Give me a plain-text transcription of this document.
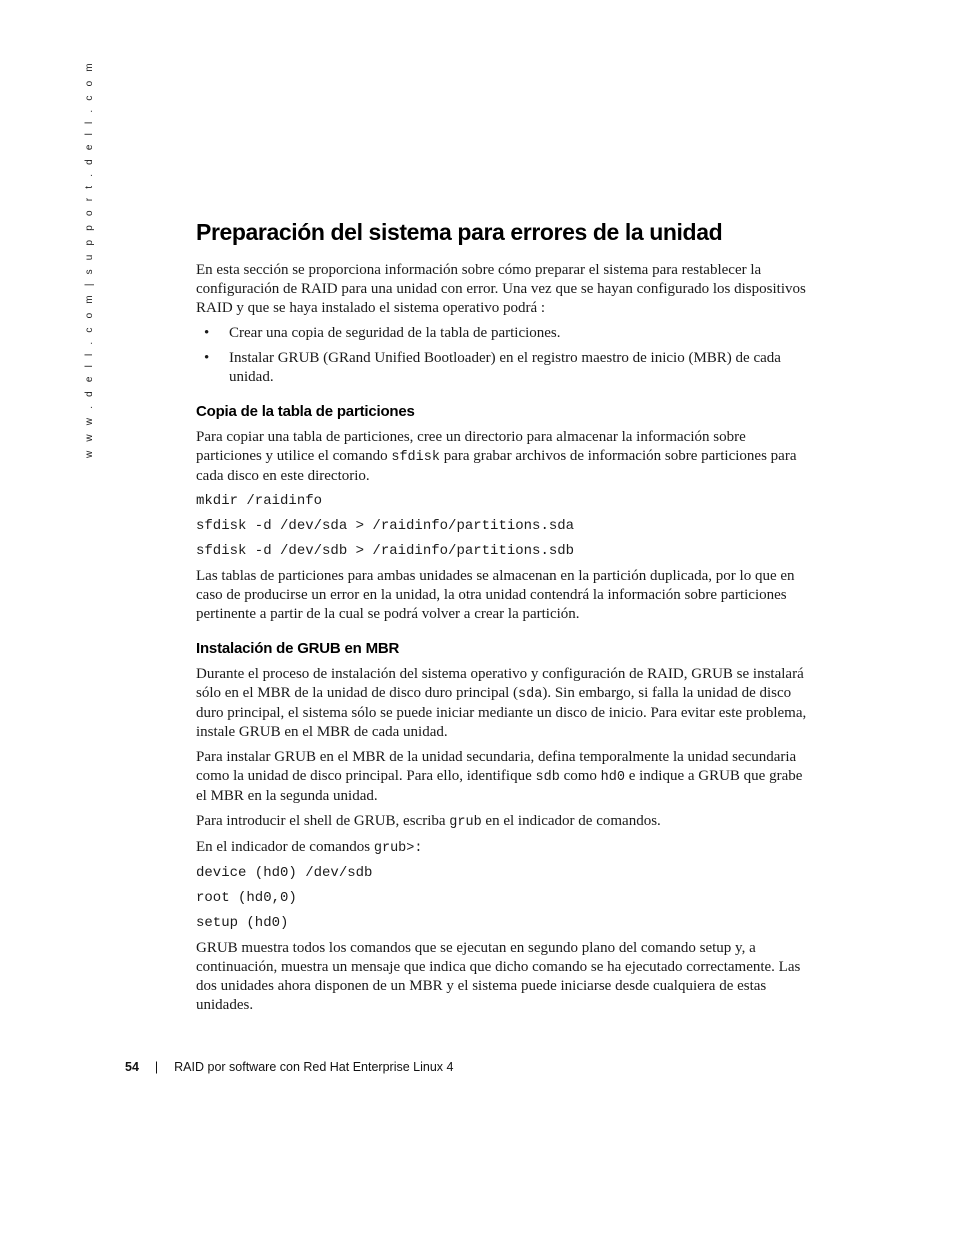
w w w . d e l l . c o m | s u p p o r t . d e l l . c o m	Preparación del sistema para errores de la unidad

En esta sección se proporciona información sobre cómo preparar el sistema para restablecer la configuración de RAID para una unidad con error. Una vez que se hayan configurado los dispositivos RAID y que se haya instalado el sistema operativo podrá :

• Crear una copia de seguridad de la tabla de particiones.
• Instalar GRUB (GRand Unified Bootloader) en el registro maestro de inicio (MBR) de cada unidad.
Copia de la tabla de particiones

Para copiar una tabla de particiones, cree un directorio para almacenar la información sobre particiones y utilice el comando sfdisk para grabar archivos de información sobre particiones para cada disco en este directorio.

mkdir /raidinfo
sfdisk -d /dev/sda > /raidinfo/partitions.sda
sfdisk -d /dev/sdb > /raidinfo/partitions.sdb

Las tablas de particiones para ambas unidades se almacenan en la partición duplicada, por lo que en caso de producirse un error en la unidad, la otra unidad contendrá la información sobre particiones pertinente a partir de la cual se podrá volver a crear la partición.

Instalación de GRUB en MBR

Durante el proceso de instalación del sistema operativo y configuración de RAID, GRUB se instalará sólo en el MBR de la unidad de disco duro principal (sda). Sin embargo, si falla la unidad de disco duro principal, el sistema sólo se puede iniciar mediante un disco de inicio. Para evitar este problema, instale GRUB en el MBR de cada unidad.

Para instalar GRUB en el MBR de la unidad secundaria, defina temporalmente la unidad secundaria como la unidad de disco principal. Para ello, identifique sdb como hd0 e indique a GRUB que grabe el MBR en la segunda unidad.

Para introducir el shell de GRUB, escriba grub en el indicador de comandos.

En el indicador de comandos grub>:

device (hd0) /dev/sdb
root (hd0,0)
setup (hd0)

GRUB muestra todos los comandos que se ejecutan en segundo plano del comando setup y, a continuación, muestra un mensaje que indica que dicho comando se ha ejecutado correctamente. Las dos unidades ahora disponen de un MBR y el sistema puede iniciarse desde cualquiera de estas unidades.

54 | RAID por software con Red Hat Enterprise Linux 4
